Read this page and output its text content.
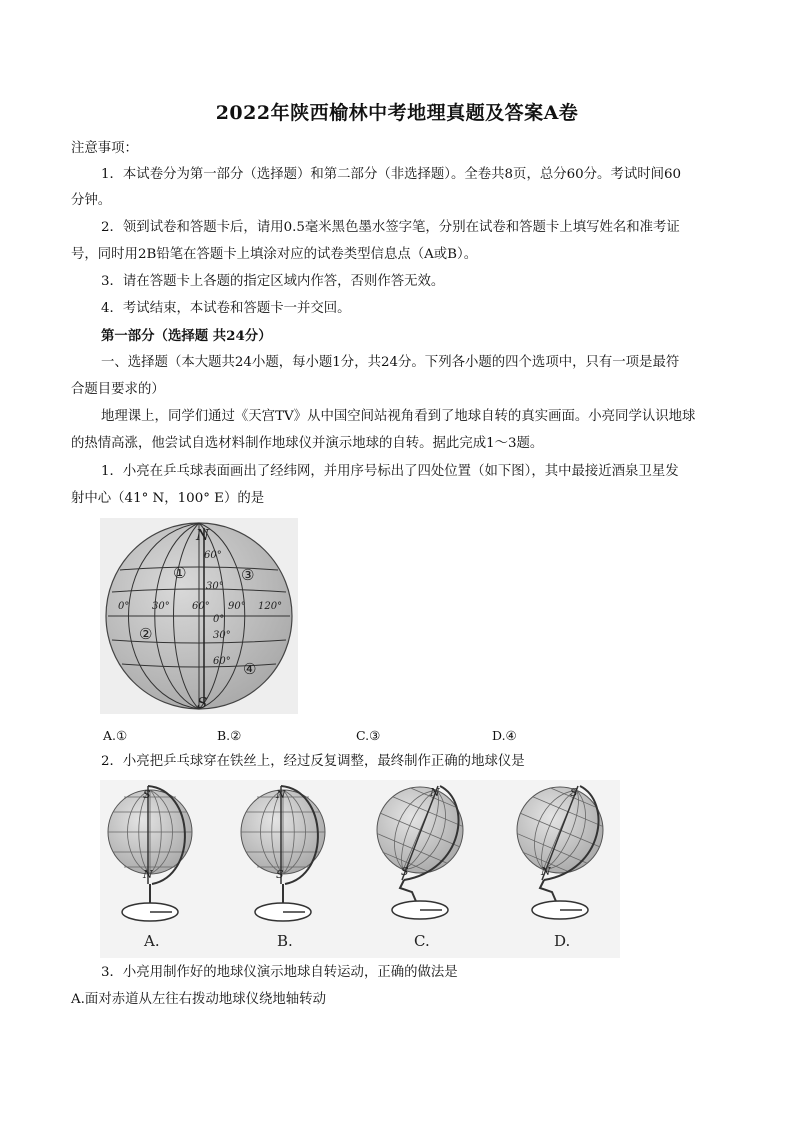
2022年陕西榆林中考地理真题及答案A卷
注意事项：
1．本试卷分为第一部分（选择题）和第二部分（非选择题）。全卷共8页，总分60分。考试时间60
分钟。
2．领到试卷和答题卡后，请用0.5毫米黑色墨水签字笔，分别在试卷和答题卡上填写姓名和准考证
号，同时用2B铅笔在答题卡上填涂对应的试卷类型信息点（A或B）。
3．请在答题卡上各题的指定区域内作答，否则作答无效。
4．考试结束，本试卷和答题卡一并交回。
第一部分（选择题 共24分）
一、选择题（本大题共24小题，每小题1分，共24分。下列各小题的四个选项中，只有一项是最符
合题目要求的）
地理课上，同学们通过《天宫TV》从中国空间站视角看到了地球自转的真实画面。小亮同学认识地球
的热情高涨，他尝试自选材料制作地球仪并演示地球的自转。据此完成1～3题。
1．小亮在乒乓球表面画出了经纬网，并用序号标出了四处位置（如下图），其中最接近酒泉卫星发
射中心（41° N，100° E）的是
N
S
60°
30°
0°
30°
60°
0° 30° 60° 90° 120°
①
②
③
④
A.①	B.②	C.③	D.④
2．小亮把乒乓球穿在铁丝上，经过反复调整，最终制作正确的地球仪是
S
N
A.
N
S
B.
N
S
C.
S
N
D.
3．小亮用制作好的地球仪演示地球自转运动，正确的做法是
A.面对赤道从左往右拨动地球仪绕地轴转动
